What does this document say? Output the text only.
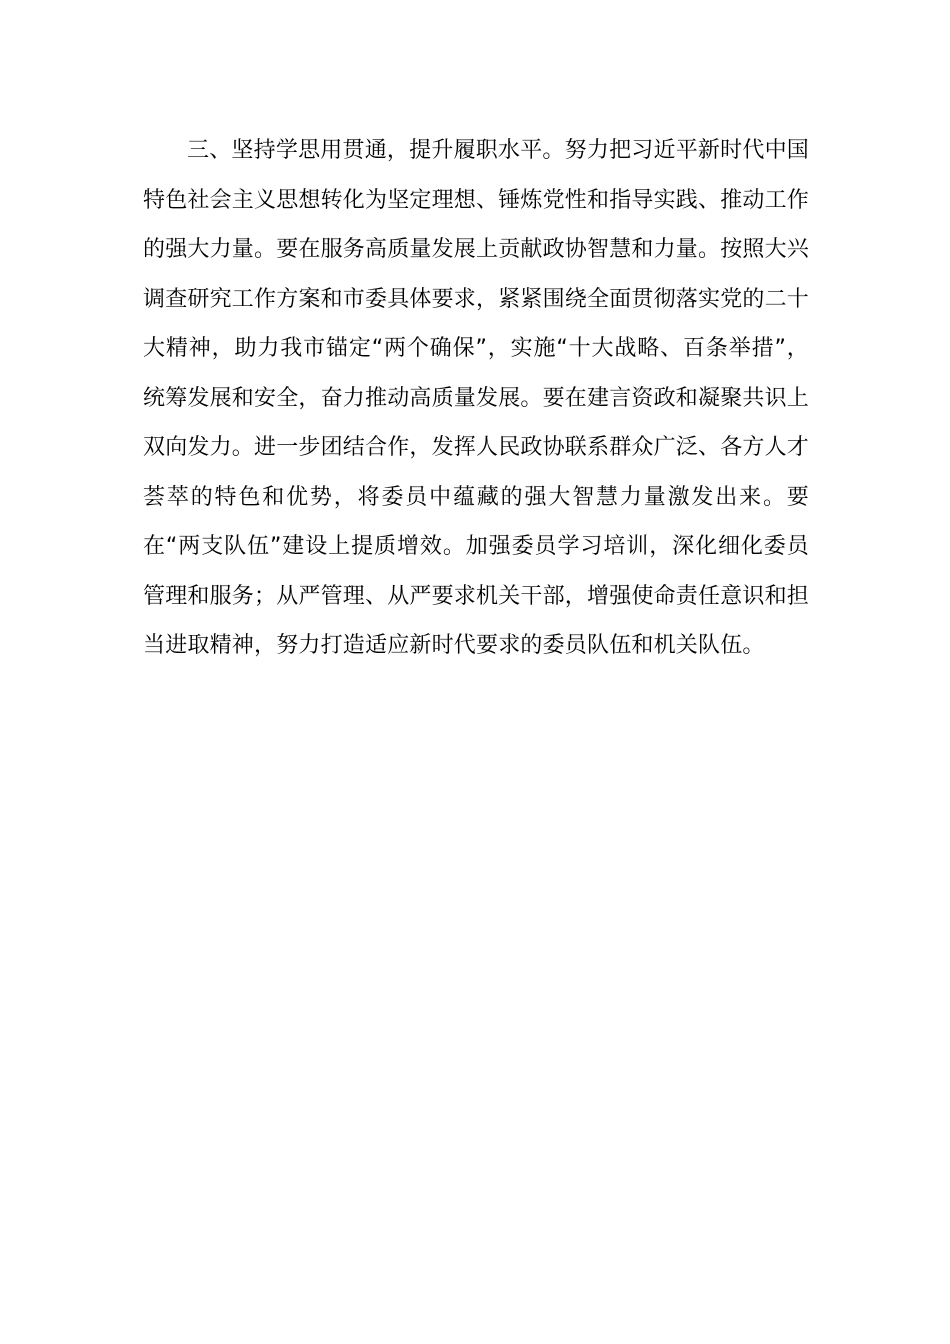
三、坚持学思用贯通，提升履职水平。努力把习近平新时代中国特色社会主义思想转化为坚定理想、锤炼党性和指导实践、推动工作的强大力量。要在服务高质量发展上贡献政协智慧和力量。按照大兴调查研究工作方案和市委具体要求，紧紧围绕全面贯彻落实党的二十大精神，助力我市锚定“两个确保”，实施“十大战略、百条举措”，统筹发展和安全，奋力推动高质量发展。要在建言资政和凝聚共识上双向发力。进一步团结合作，发挥人民政协联系群众广泛、各方人才荟萃的特色和优势，将委员中蕴藏的强大智慧力量激发出来。要在“两支队伍”建设上提质增效。加强委员学习培训，深化细化委员管理和服务；从严管理、从严要求机关干部，增强使命责任意识和担当进取精神，努力打造适应新时代要求的委员队伍和机关队伍。
